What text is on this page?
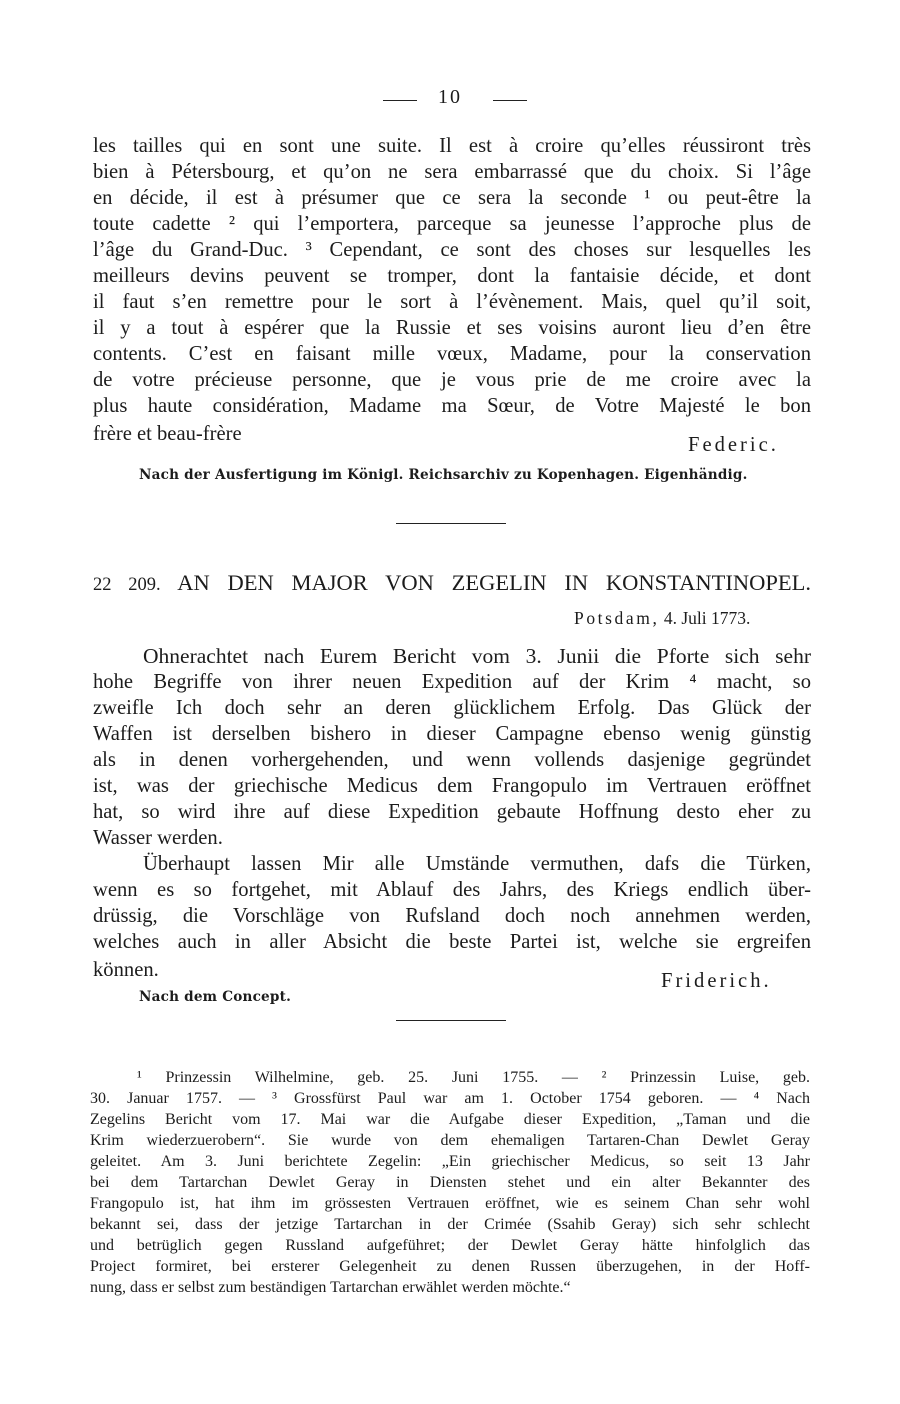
10
les tailles qui en sont une suite. Il est à croire qu’elles réussiront très
bien à Pétersbourg, et qu’on ne sera embarrassé que du choix. Si l’âge
en décide, il est à présumer que ce sera la seconde ¹ ou peut-être la
toute cadette ² qui l’emportera, parceque sa jeunesse l’approche plus de
l’âge du Grand-Duc. ³ Cependant, ce sont des choses sur lesquelles les
meilleurs devins peuvent se tromper, dont la fantaisie décide, et dont
il faut s’en remettre pour le sort à l’évènement. Mais, quel qu’il soit,
il y a tout à espérer que la Russie et ses voisins auront lieu d’en être
contents. C’est en faisant mille vœux, Madame, pour la conservation
de votre précieuse personne, que je vous prie de me croire avec la
plus haute considération, Madame ma Sœur, de Votre Majesté le bon
frère et beau-frère	Federic.
Nach der Ausfertigung im Königl. Reichsarchiv zu Kopenhagen. Eigenhändig.
22 209. AN DEN MAJOR VON ZEGELIN IN KONSTANTINOPEL.
Potsdam, 4. Juli 1773.
Ohnerachtet nach Eurem Bericht vom 3. Junii die Pforte sich sehr
hohe Begriffe von ihrer neuen Expedition auf der Krim ⁴ macht, so
zweifle Ich doch sehr an deren glücklichem Erfolg. Das Glück der
Waffen ist derselben bishero in dieser Campagne ebenso wenig günstig
als in denen vorhergehenden, und wenn vollends dasjenige gegründet
ist, was der griechische Medicus dem Frangopulo im Vertrauen eröffnet
hat, so wird ihre auf diese Expedition gebaute Hoffnung desto eher zu
Wasser werden.
Überhaupt lassen Mir alle Umstände vermuthen, dafs die Türken,
wenn es so fortgehet, mit Ablauf des Jahrs, des Kriegs endlich über-
drüssig, die Vorschläge von Rufsland doch noch annehmen werden,
welches auch in aller Absicht die beste Partei ist, welche sie ergreifen
können.	Friderich.
Nach dem Concept.
¹ Prinzessin Wilhelmine, geb. 25. Juni 1755. — ² Prinzessin Luise, geb.
30. Januar 1757. — ³ Grossfürst Paul war am 1. October 1754 geboren. — ⁴ Nach
Zegelins Bericht vom 17. Mai war die Aufgabe dieser Expedition, „Taman und die
Krim wiederzuerobern“. Sie wurde von dem ehemaligen Tartaren-Chan Dewlet Geray
geleitet. Am 3. Juni berichtete Zegelin: „Ein griechischer Medicus, so seit 13 Jahr
bei dem Tartarchan Dewlet Geray in Diensten stehet und ein alter Bekannter des
Frangopulo ist, hat ihm im grössesten Vertrauen eröffnet, wie es seinem Chan sehr wohl
bekannt sei, dass der jetzige Tartarchan in der Crimée (Ssahib Geray) sich sehr schlecht
und betrüglich gegen Russland aufgeführet; der Dewlet Geray hätte hinfolglich das
Project formiret, bei ersterer Gelegenheit zu denen Russen überzugehen, in der Hoff-
nung, dass er selbst zum beständigen Tartarchan erwählet werden möchte.“
